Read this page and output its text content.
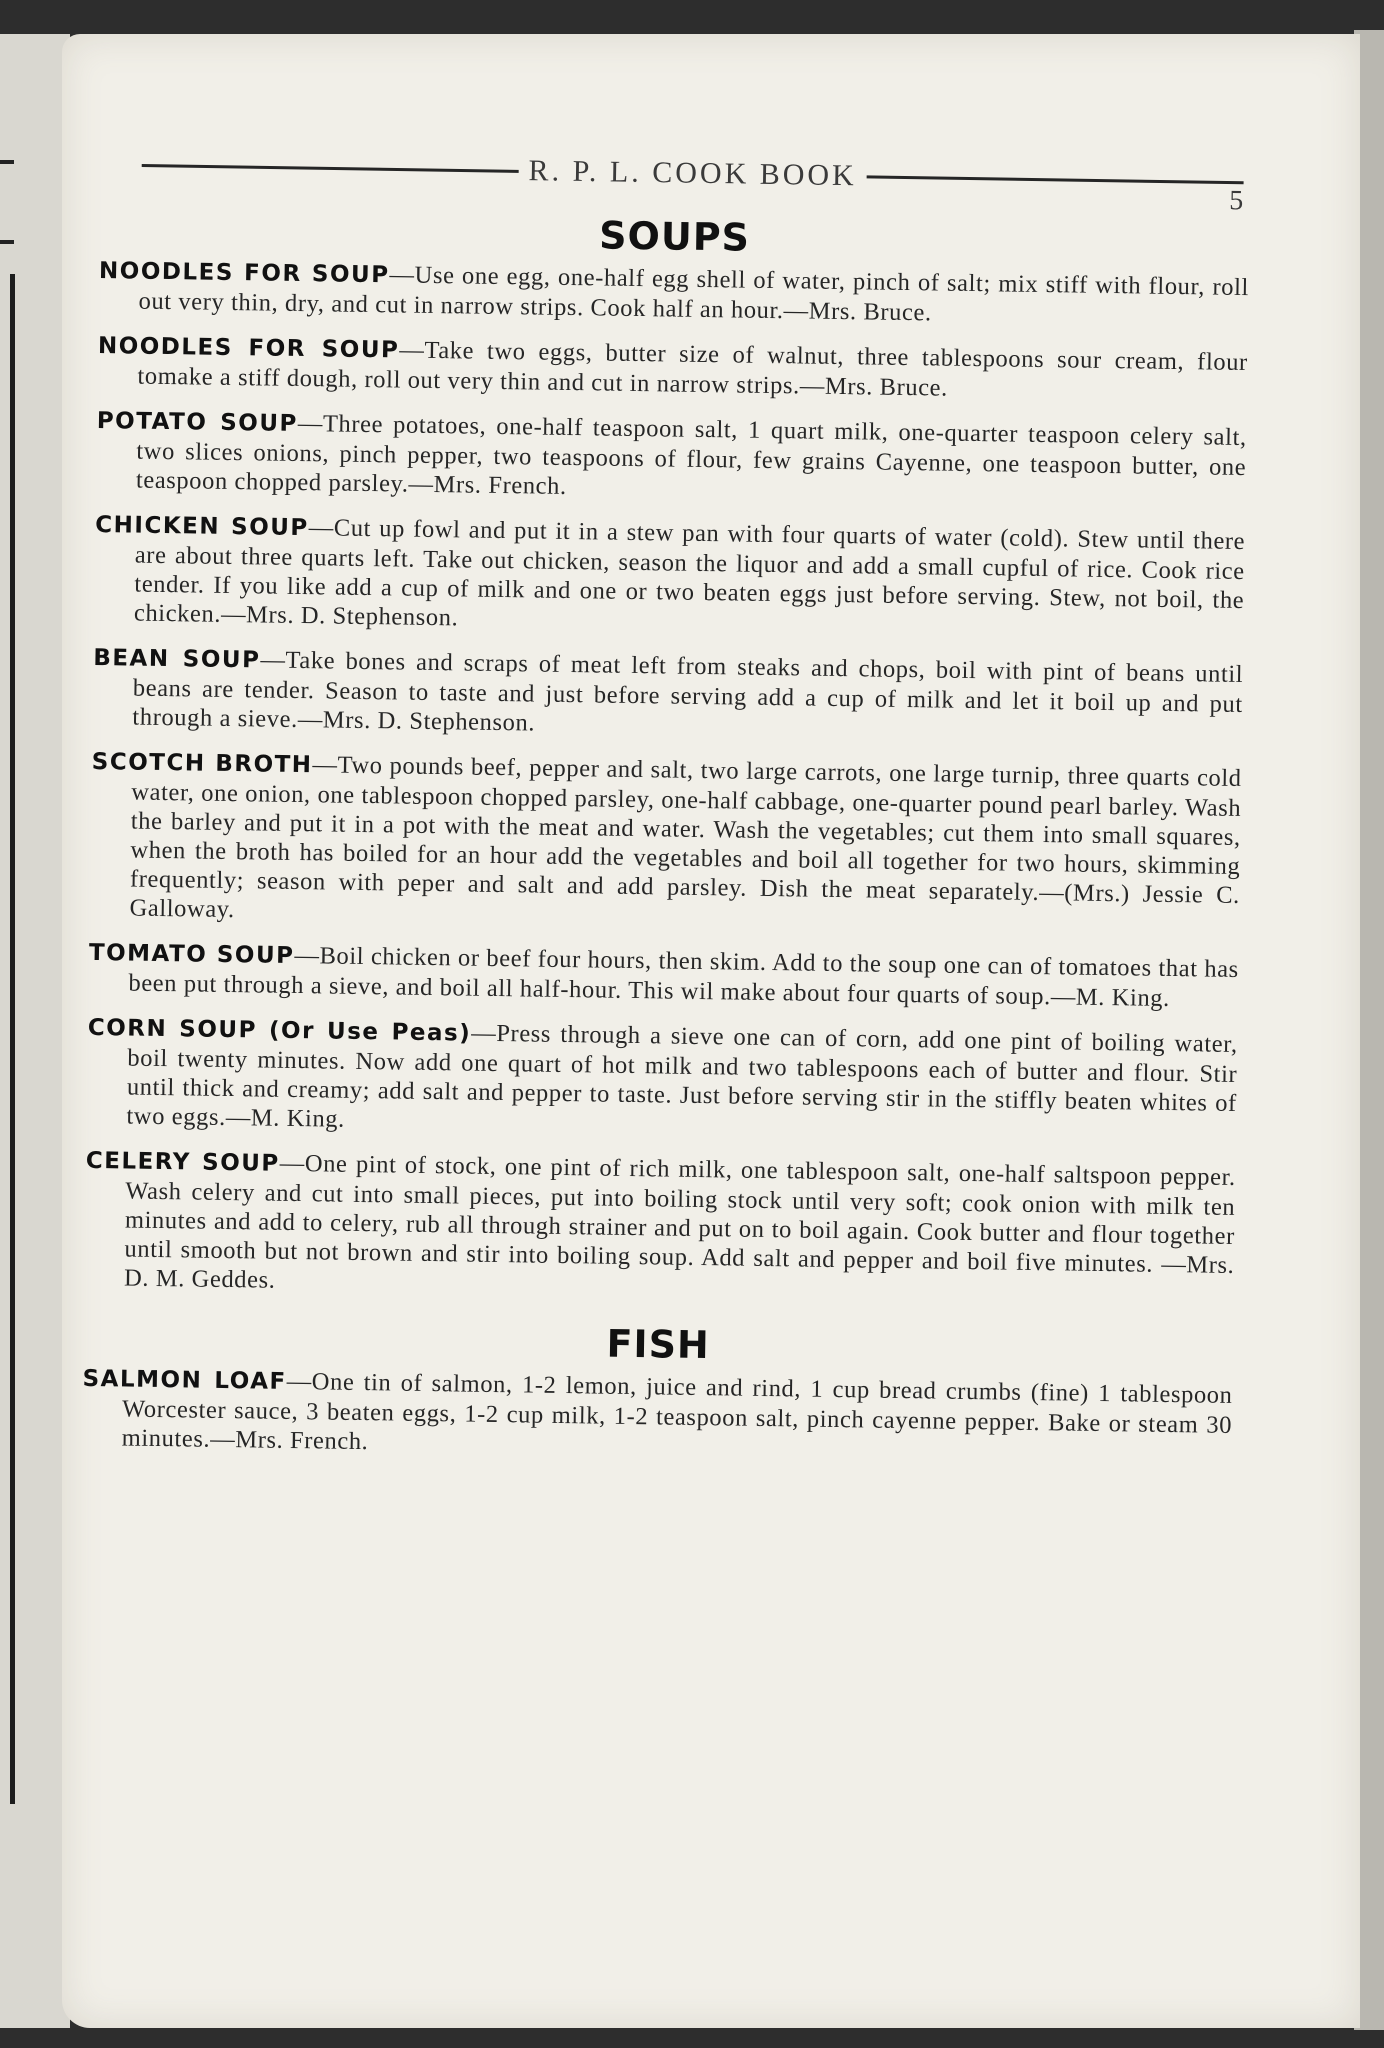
R. P. L. COOK BOOK
5
SOUPS

NOODLES FOR SOUP—Use one egg, one-half egg shell of water, pinch of salt; mix stiff with flour, roll out very thin, dry, and cut in narrow strips. Cook half an hour.—Mrs. Bruce.

NOODLES FOR SOUP—Take two eggs, butter size of walnut, three tablespoons sour cream, flour tomake a stiff dough, roll out very thin and cut in narrow strips.—Mrs. Bruce.

POTATO SOUP—Three potatoes, one-half teaspoon salt, 1 quart milk, one-quarter teaspoon celery salt, two slices onions, pinch pepper, two teaspoons of flour, few grains Cayenne, one teaspoon butter, one teaspoon chopped parsley.—Mrs. French.

CHICKEN SOUP—Cut up fowl and put it in a stew pan with four quarts of water (cold). Stew until there are about three quarts left. Take out chicken, season the liquor and add a small cupful of rice. Cook rice tender. If you like add a cup of milk and one or two beaten eggs just before serving. Stew, not boil, the chicken.—Mrs. D. Stephenson.

BEAN SOUP—Take bones and scraps of meat left from steaks and chops, boil with pint of beans until beans are tender. Season to taste and just before serving add a cup of milk and let it boil up and put through a sieve.—Mrs. D. Stephenson.

SCOTCH BROTH—Two pounds beef, pepper and salt, two large carrots, one large turnip, three quarts cold water, one onion, one tablespoon chopped parsley, one-half cabbage, one-quarter pound pearl barley. Wash the barley and put it in a pot with the meat and water. Wash the vegetables; cut them into small squares, when the broth has boiled for an hour add the vegetables and boil all together for two hours, skimming frequently; season with peper and salt and add parsley. Dish the meat separately.—(Mrs.) Jessie C. Galloway.

TOMATO SOUP—Boil chicken or beef four hours, then skim. Add to the soup one can of tomatoes that has been put through a sieve, and boil all half-hour. This wil make about four quarts of soup.—M. King.

CORN SOUP (Or Use Peas)—Press through a sieve one can of corn, add one pint of boiling water, boil twenty minutes. Now add one quart of hot milk and two tablespoons each of butter and flour. Stir until thick and creamy; add salt and pepper to taste. Just before serving stir in the stiffly beaten whites of two eggs.—M. King.

CELERY SOUP—One pint of stock, one pint of rich milk, one tablespoon salt, one-half saltspoon pepper. Wash celery and cut into small pieces, put into boiling stock until very soft; cook onion with milk ten minutes and add to celery, rub all through strainer and put on to boil again. Cook butter and flour together until smooth but not brown and stir into boiling soup. Add salt and pepper and boil five minutes. —Mrs. D. M. Geddes.

FISH

SALMON LOAF—One tin of salmon, 1-2 lemon, juice and rind, 1 cup bread crumbs (fine) 1 tablespoon Worcester sauce, 3 beaten eggs, 1-2 cup milk, 1-2 teaspoon salt, pinch cayenne pepper. Bake or steam 30 minutes.—Mrs. French.
